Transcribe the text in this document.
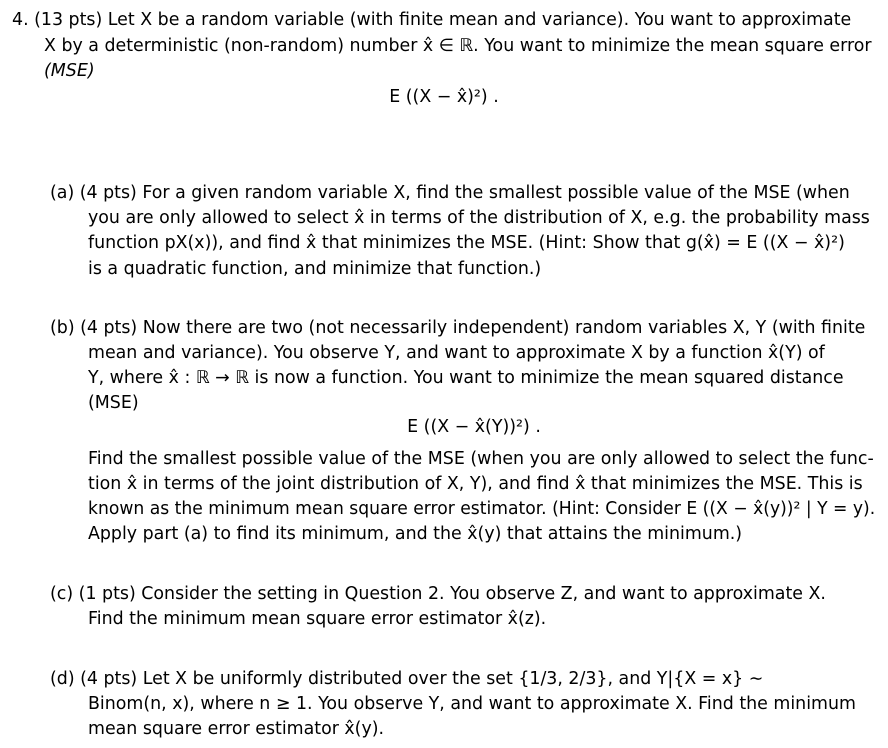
4. (13 pts) Let X be a random variable (with finite mean and variance). You want to approximate
X by a deterministic (non-random) number x̂ ∈ ℝ. You want to minimize the mean square error
(MSE)
E ((X − x̂)²) .
(a) (4 pts) For a given random variable X, find the smallest possible value of the MSE (when
you are only allowed to select x̂ in terms of the distribution of X, e.g. the probability mass
function pX(x)), and find x̂ that minimizes the MSE. (Hint: Show that g(x̂) = E ((X − x̂)²)
is a quadratic function, and minimize that function.)
(b) (4 pts) Now there are two (not necessarily independent) random variables X, Y (with finite
mean and variance). You observe Y, and want to approximate X by a function x̂(Y) of
Y, where x̂ : ℝ → ℝ is now a function. You want to minimize the mean squared distance
(MSE)
E ((X − x̂(Y))²) .
Find the smallest possible value of the MSE (when you are only allowed to select the func-
tion x̂ in terms of the joint distribution of X, Y), and find x̂ that minimizes the MSE. This is
known as the minimum mean square error estimator. (Hint: Consider E ((X − x̂(y))² | Y = y).
Apply part (a) to find its minimum, and the x̂(y) that attains the minimum.)
(c) (1 pts) Consider the setting in Question 2. You observe Z, and want to approximate X.
Find the minimum mean square error estimator x̂(z).
(d) (4 pts) Let X be uniformly distributed over the set {1/3, 2/3}, and Y|{X = x} ∼
Binom(n, x), where n ≥ 1. You observe Y, and want to approximate X. Find the minimum
mean square error estimator x̂(y).
